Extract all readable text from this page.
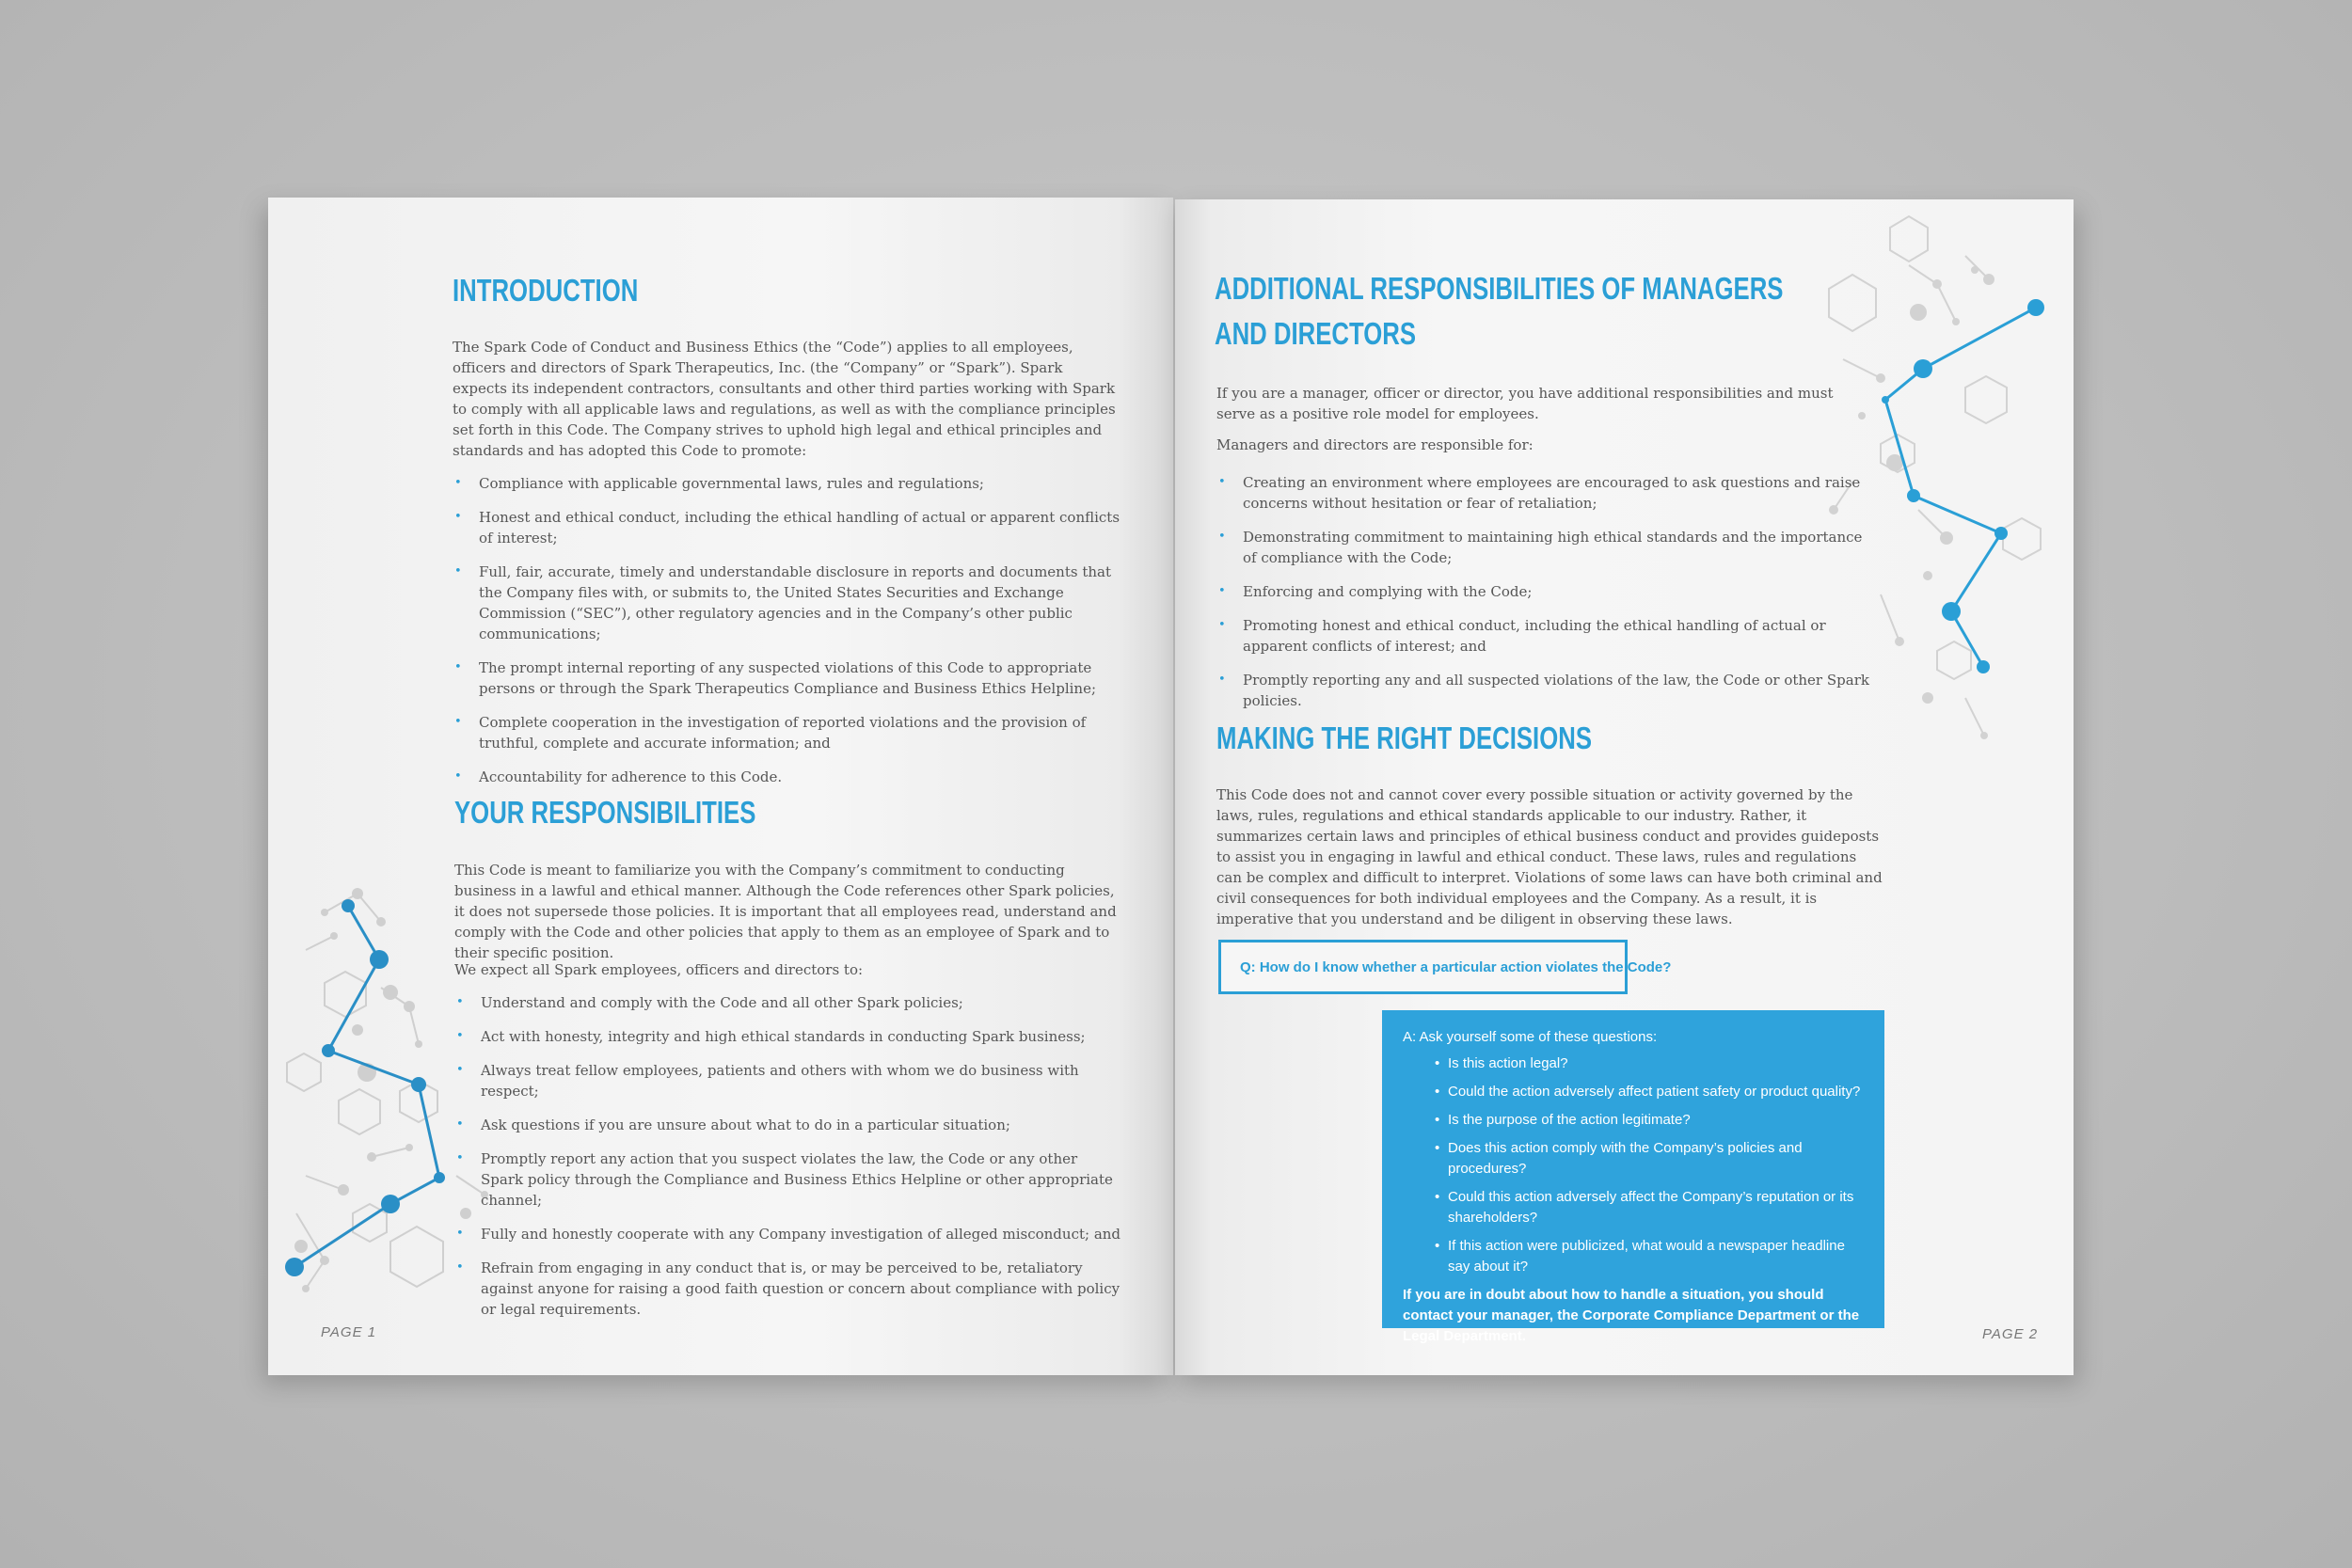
INTRODUCTION

The Spark Code of Conduct and Business Ethics (the “Code”) applies to all employees, officers and directors of Spark Therapeutics, Inc. (the “Company” or “Spark”). Spark expects its independent contractors, consultants and other third parties working with Spark to comply with all applicable laws and regulations, as well as with the compliance principles set forth in this Code. The Company strives to uphold high legal and ethical principles and standards and has adopted this Code to promote:

• Compliance with applicable governmental laws, rules and regulations;
• Honest and ethical conduct, including the ethical handling of actual or apparent conflicts of interest;
• Full, fair, accurate, timely and understandable disclosure in reports and documents that the Company files with, or submits to, the United States Securities and Exchange Commission (“SEC”), other regulatory agencies and in the Company’s other public communications;
• The prompt internal reporting of any suspected violations of this Code to appropriate persons or through the Spark Therapeutics Compliance and Business Ethics Helpline;
• Complete cooperation in the investigation of reported violations and the provision of truthful, complete and accurate information; and
• Accountability for adherence to this Code.
YOUR RESPONSIBILITIES

This Code is meant to familiarize you with the Company’s commitment to conducting business in a lawful and ethical manner. Although the Code references other Spark policies, it does not supersede those policies. It is important that all employees read, understand and comply with the Code and other policies that apply to them as an employee of Spark and to their specific position.

We expect all Spark employees, officers and directors to:

• Understand and comply with the Code and all other Spark policies;
• Act with honesty, integrity and high ethical standards in conducting Spark business;
• Always treat fellow employees, patients and others with whom we do business with respect;
• Ask questions if you are unsure about what to do in a particular situation;
• Promptly report any action that you suspect violates the law, the Code or any other Spark policy through the Compliance and Business Ethics Helpline or other appropriate channel;
• Fully and honestly cooperate with any Company investigation of alleged misconduct; and
• Refrain from engaging in any conduct that is, or may be perceived to be, retaliatory against anyone for raising a good faith question or concern about compliance with policy or legal requirements.
PAGE 1
ADDITIONAL RESPONSIBILITIES OF MANAGERS
AND DIRECTORS

If you are a manager, officer or director, you have additional responsibilities and must serve as a positive role model for employees.

Managers and directors are responsible for:

• Creating an environment where employees are encouraged to ask questions and raise concerns without hesitation or fear of retaliation;
• Demonstrating commitment to maintaining high ethical standards and the importance of compliance with the Code;
• Enforcing and complying with the Code;
• Promoting honest and ethical conduct, including the ethical handling of actual or apparent conflicts of interest; and
• Promptly reporting any and all suspected violations of the law, the Code or other Spark policies.
MAKING THE RIGHT DECISIONS

This Code does not and cannot cover every possible situation or activity governed by the laws, rules, regulations and ethical standards applicable to our industry. Rather, it summarizes certain laws and principles of ethical business conduct and provides guideposts to assist you in engaging in lawful and ethical conduct. These laws, rules and regulations can be complex and difficult to interpret. Violations of some laws can have both criminal and civil consequences for both individual employees and the Company. As a result, it is imperative that you understand and be diligent in observing these laws.

Q: How do I know whether a particular action violates the Code?

A: Ask yourself some of these questions:

• Is this action legal?
• Could the action adversely affect patient safety or product quality?
• Is the purpose of the action legitimate?
• Does this action comply with the Company’s policies and procedures?
• Could this action adversely affect the Company’s reputation or its shareholders?
• If this action were publicized, what would a newspaper headline say about it?

If you are in doubt about how to handle a situation, you should contact your manager, the Corporate Compliance Department or the Legal Department.	PAGE 2
